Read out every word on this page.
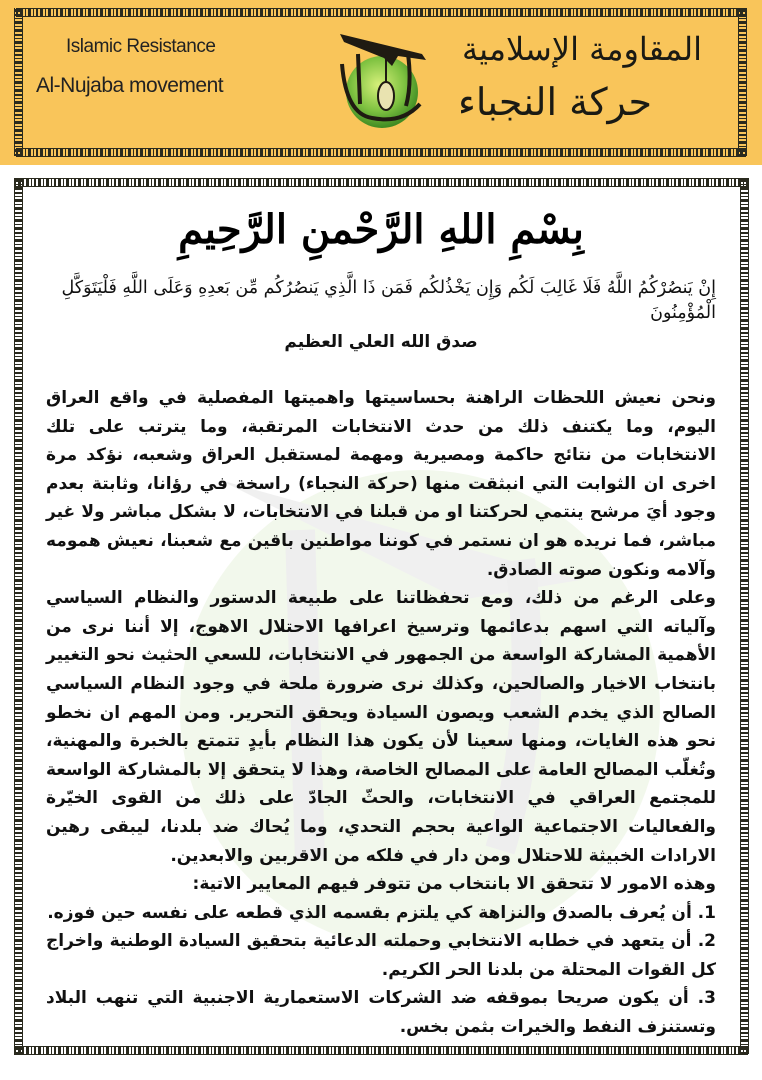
Islamic Resistance
Al-Nujaba movement
المقاومة الإسلامية
حركة النجباء
بِسْمِ اللهِ الرَّحْمنِ الرَّحِيمِ
إِنْ يَنصُرْكُمُ اللَّهُ فَلَا غَالِبَ لَكُم وَإِن يَخْذُلكُم فَمَن ذَا الَّذِي يَنصُرُكُم مِّن بَعدِهِ وَعَلَى اللَّهِ فَلْيَتَوَكَّلِ الْمُؤْمِنُونَ
صدق الله العلي العظيم

ونحن نعيش اللحظات الراهنة بحساسيتها واهميتها المفصلية في واقع العراق اليوم، وما يكتنف ذلك من حدث الانتخابات المرتقبة، وما يترتب على تلك الانتخابات من نتائج حاكمة ومصيرية ومهمة لمستقبل العراق وشعبه، نؤكد مرة اخرى ان الثوابت التي انبثقت منها (حركة النجباء) راسخة في رؤانا، وثابتة بعدم وجود أيَ مرشح ينتمي لحركتنا او من قبلنا في الانتخابات، لا بشكل مباشر ولا غير مباشر، فما نريده هو ان نستمر في كوننا مواطنين باقين مع شعبنا، نعيش همومه وآلامه ونكون صوته الصادق.

وعلى الرغم من ذلك، ومع تحفظاتنا على طبيعة الدستور والنظام السياسي وآلياته التي اسهم بدعائمها وترسيخ اعرافها الاحتلال الاهوج، إلا أننا نرى من الأهمية المشاركة الواسعة من الجمهور في الانتخابات، للسعي الحثيث نحو التغيير بانتخاب الاخيار والصالحين، وكذلك نرى ضرورة ملحة في وجود النظام السياسي الصالح الذي يخدم الشعب ويصون السيادة ويحقق التحرير. ومن المهم ان نخطو نحو هذه الغايات، ومنها سعينا لأن يكون هذا النظام بأيدٍ تتمتع بالخبرة والمهنية، وتُغلّب المصالح العامة على المصالح الخاصة، وهذا لا يتحقق إلا بالمشاركة الواسعة للمجتمع العراقي في الانتخابات، والحثّ الجادّ على ذلك من القوى الخيّرة والفعاليات الاجتماعية الواعية بحجم التحدي، وما يُحاك ضد بلدنا، ليبقى رهين الارادات الخبيثة للاحتلال ومن دار في فلكه من الاقربين والابعدين.

وهذه الامور لا تتحقق الا بانتخاب من تتوفر فيهم المعايير الاتية:

1. أن يُعرف بالصدق والنزاهة كي يلتزم بقسمه الذي قطعه على نفسه حين فوزه.
2. أن يتعهد في خطابه الانتخابي وحملته الدعائية بتحقيق السيادة الوطنية واخراج كل القوات المحتلة من بلدنا الحر الكريم.
3. أن يكون صريحا بموقفه ضد الشركات الاستعمارية الاجنبية التي تنهب البلاد وتستنزف النفط والخيرات بثمن بخس.
